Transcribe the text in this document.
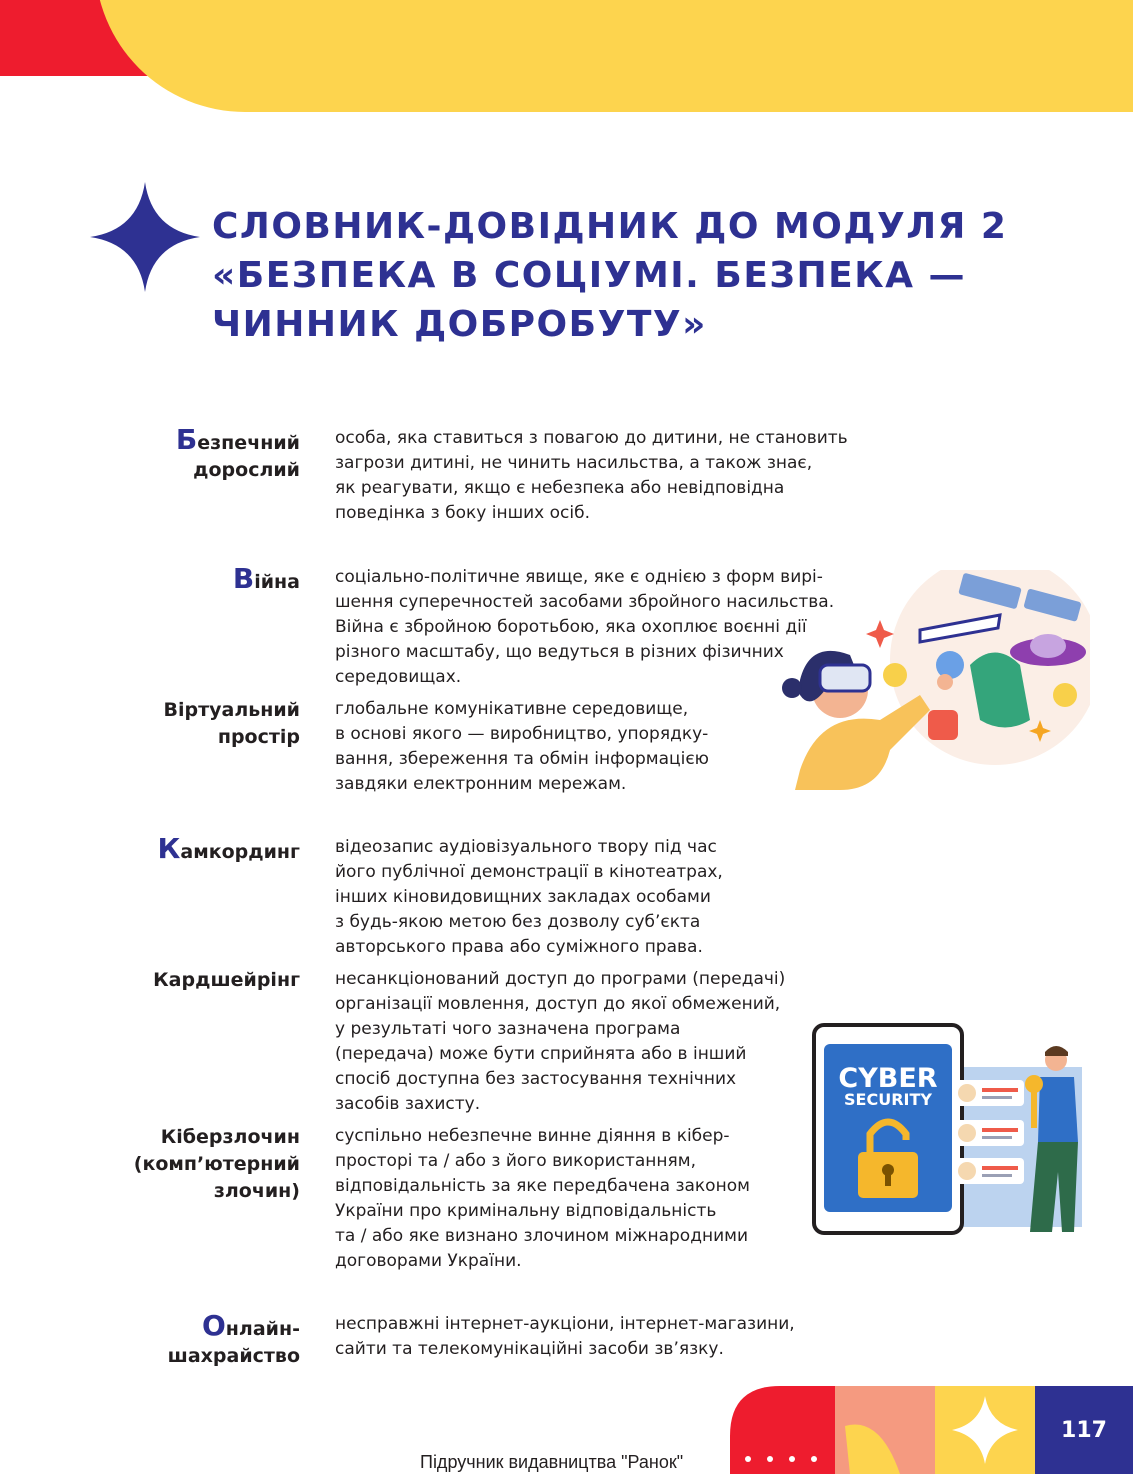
СЛОВНИК-ДОВІДНИК ДО МОДУЛЯ 2
«БЕЗПЕКА В СОЦІУМІ. БЕЗПЕКА —
ЧИННИК ДОБРОБУТУ»
Безпечний
дорослий
особа, яка ставиться з повагою до дитини, не становить
загрози дитині, не чинить насильства, а також знає,
як реагувати, якщо є небезпека або невідповідна
поведінка з боку інших осіб.
Війна соціально-політичне явище, яке є однією з форм вирі-
шення суперечностей засобами збройного насильства.
Війна є збройною боротьбою, яка охоплює воєнні дії
різного масштабу, що ведуться в різних фізичних
середовищах.
Віртуальний
простір
глобальне комунікативне середовище,
в основі якого — виробництво, упорядку-
вання, збереження та обмін інформацією
завдяки електронним мережам.
Камкординг відеозапис аудіовізуального твору під час
його публічної демонстрації в кінотеатрах,
інших кіновидовищних закладах особами
з будь-якою метою без дозволу суб’єкта
авторського права або суміжного права.
Кардшейрінг несанкціонований доступ до програми (передачі)
організації мовлення, доступ до якої обмежений,
у результаті чого зазначена програма
(передача) може бути сприйнята або в інший
спосіб доступна без застосування технічних
засобів захисту.
Кіберзлочин
(комп’ютерний
злочин)
суспільно небезпечне винне діяння в кібер-
просторі та / або з його використанням,
відповідальність за яке передбачена законом
України про кримінальну відповідальність
та / або яке визнано злочином міжнародними
договорами України.
Онлайн-
шахрайство
несправжні інтернет-аукціони, інтернет-магазини,
сайти та телекомунікаційні засоби зв’язку.
CYBER
SECURITY
Підручник видавництва "Ранок"
117
